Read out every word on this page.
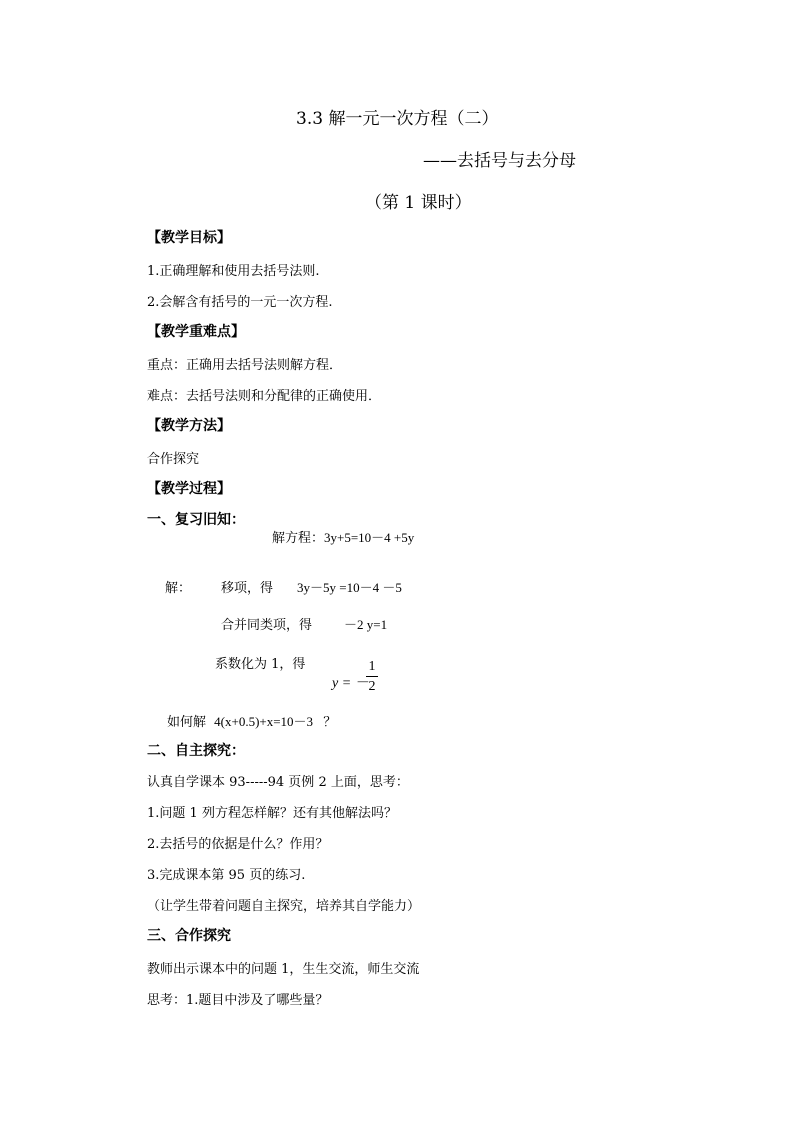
3.3 解一元一次方程（二）
——去括号与去分母
（第 1 课时）
【教学目标】
1.正确理解和使用去括号法则.
2.会解含有括号的一元一次方程.
【教学重难点】
重点：正确用去括号法则解方程．
难点：去括号法则和分配律的正确使用．
【教学方法】
合作探究
【教学过程】
一、复习旧知：
解方程：3y+5=10－4 +5y
解： 移项，得 3y－5y =10－4 －5
合并同类项，得 －2 y=1
系数化为 1，得
y = －
1
2
如何解 4(x+0.5)+x=10－3 ？
二、自主探究：
认真自学课本 93-----94 页例 2 上面，思考：
1.问题 1 列方程怎样解？还有其他解法吗？
2.去括号的依据是什么？作用？
3.完成课本第 95 页的练习.
（让学生带着问题自主探究，培养其自学能力）
三、合作探究
教师出示课本中的问题 1，生生交流，师生交流
思考：1.题目中涉及了哪些量？
